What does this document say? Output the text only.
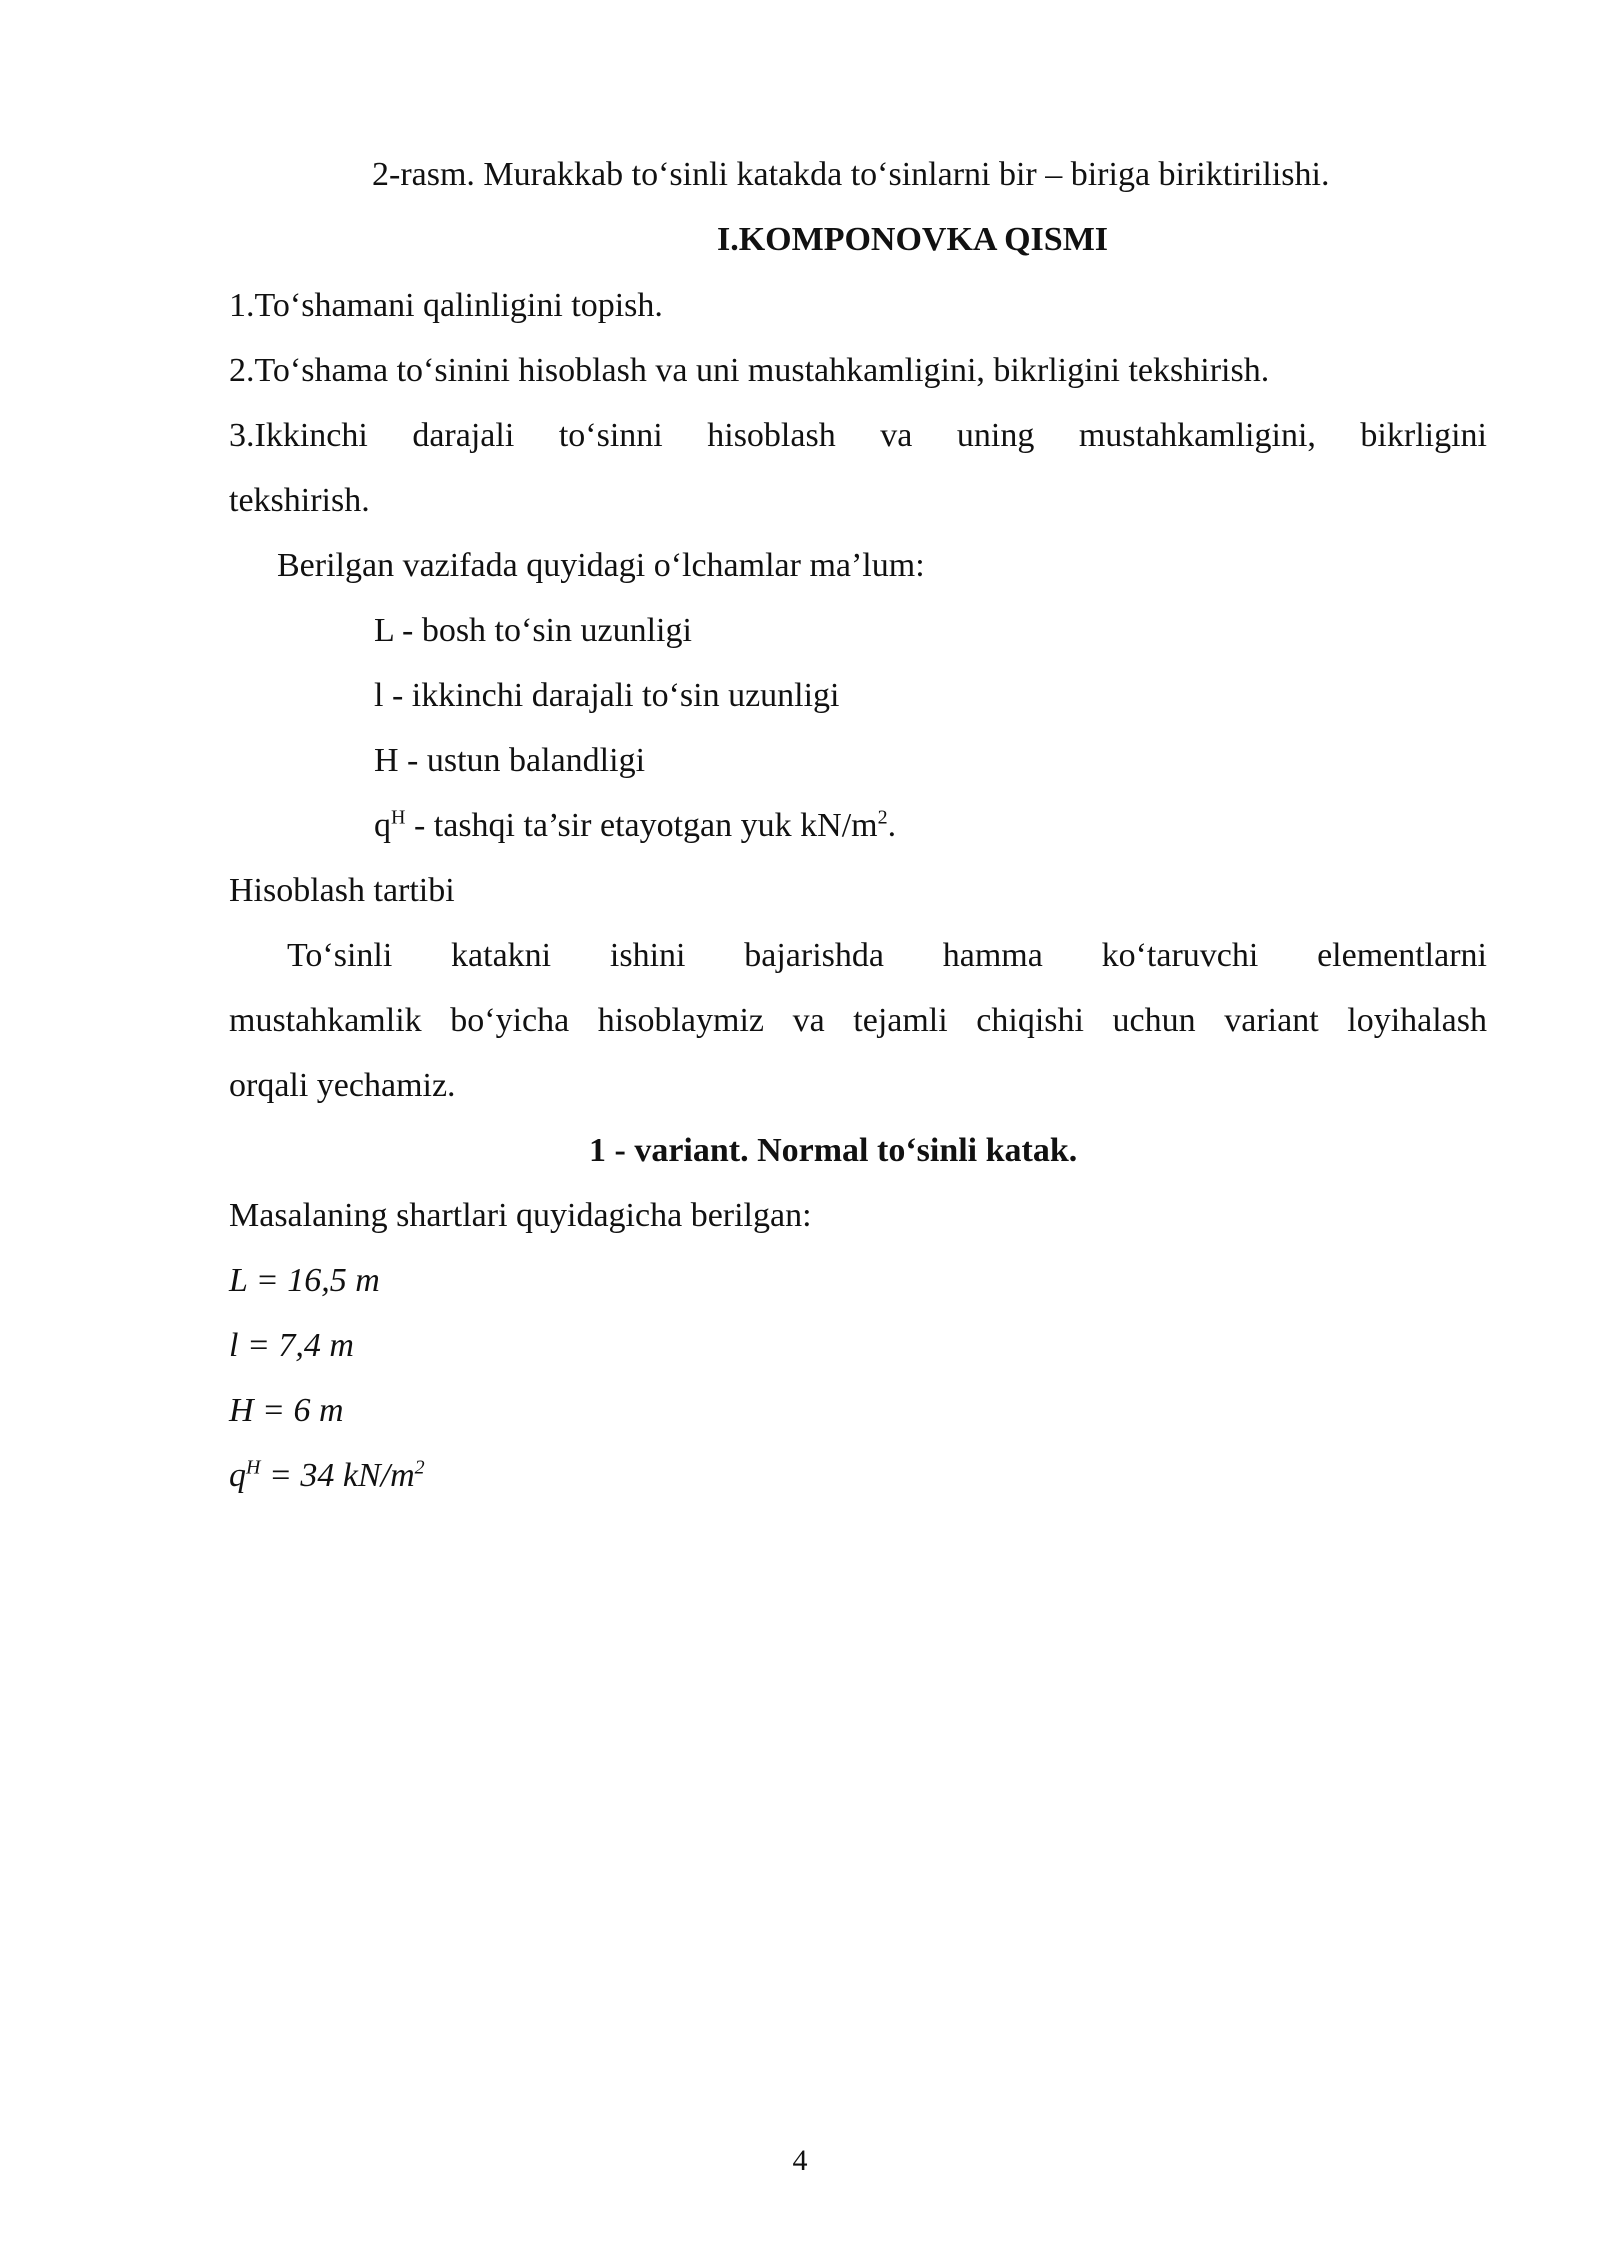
2-rasm. Murakkab to‘sinli katakda to‘sinlarni bir – biriga biriktirilishi.
I.KOMPONOVKA QISMI
1.To‘shamani qalinligini topish.
2.To‘shama to‘sinini hisoblash va uni mustahkamligini, bikrligini tekshirish.
3.Ikkinchi darajali to‘sinni hisoblash va uning mustahkamligini, bikrligini
tekshirish.
Berilgan vazifada quyidagi o‘lchamlar ma’lum:
L - bosh to‘sin uzunligi
l - ikkinchi darajali to‘sin uzunligi
H - ustun balandligi
$q^H$ - tashqi ta’sir etayotgan yuk $kN/m^2$.
Hisoblash tartibi
To‘sinli katakni ishini bajarishda hamma ko‘taruvchi elementlarni
mustahkamlik bo‘yicha hisoblaymiz va tejamli chiqishi uchun variant loyihalash
orqali yechamiz.
1 - variant. Normal to‘sinli katak.
Masalaning shartlari quyidagicha berilgan:
L = 16,5 m
l = 7,4 m
H = 6 m
$q^H = 34$ $kN/m^2$
4
